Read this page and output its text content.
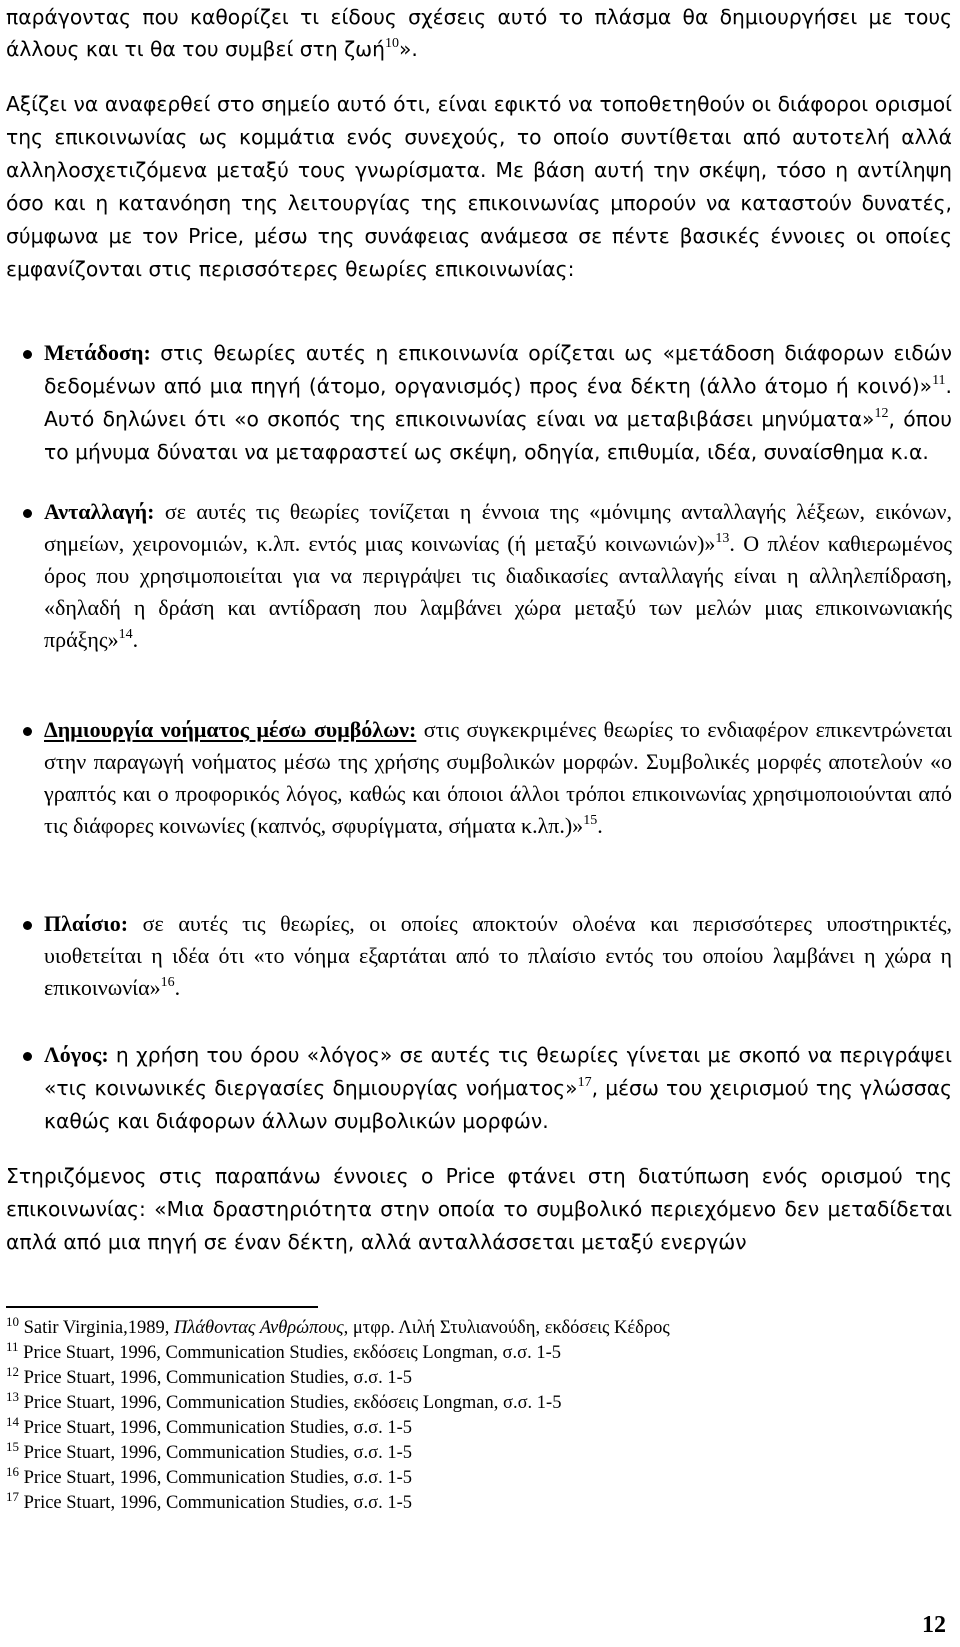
παράγοντας που καθορίζει τι είδους σχέσεις αυτό το πλάσμα θα δημιουργήσει με τους άλλους και τι θα του συμβεί στη ζωή$^{10}$».

Αξίζει να αναφερθεί στο σημείο αυτό ότι, είναι εφικτό να τοποθετηθούν οι διάφοροι ορισμοί της επικοινωνίας ως κομμάτια ενός συνεχούς, το οποίο συντίθεται από αυτοτελή αλλά αλληλοσχετιζόμενα μεταξύ τους γνωρίσματα. Με βάση αυτή την σκέψη, τόσο η αντίληψη όσο και η κατανόηση της λειτουργίας της επικοινωνίας μπορούν να καταστούν δυνατές, σύμφωνα με τον Price, μέσω της συνάφειας ανάμεσα σε πέντε βασικές έννοιες οι οποίες εμφανίζονται στις περισσότερες θεωρίες επικοινωνίας:

Μετάδοση: στις θεωρίες αυτές η επικοινωνία ορίζεται ως «μετάδοση διάφορων ειδών δεδομένων από μια πηγή (άτομο, οργανισμός) προς ένα δέκτη (άλλο άτομο ή κοινό)»$^{11}$. Αυτό δηλώνει ότι «ο σκοπός της επικοινωνίας είναι να μεταβιβάσει μηνύματα»$^{12}$, όπου το μήνυμα δύναται να μεταφραστεί ως σκέψη, οδηγία, επιθυμία, ιδέα, συναίσθημα κ.α.

Ανταλλαγή: σε αυτές τις θεωρίες τονίζεται η έννοια της «μόνιμης ανταλλαγής λέξεων, εικόνων, σημείων, χειρονομιών, κ.λπ. εντός μιας κοινωνίας (ή μεταξύ κοινωνιών)»$^{13}$. Ο πλέον καθιερωμένος όρος που χρησιμοποιείται για να περιγράψει τις διαδικασίες ανταλλαγής είναι η αλληλεπίδραση, «δηλαδή η δράση και αντίδραση που λαμβάνει χώρα μεταξύ των μελών μιας επικοινωνιακής πράξης»$^{14}$.

Δημιουργία νοήματος μέσω συμβόλων: στις συγκεκριμένες θεωρίες το ενδιαφέρον επικεντρώνεται στην παραγωγή νοήματος μέσω της χρήσης συμβολικών μορφών. Συμβολικές μορφές αποτελούν «ο γραπτός και ο προφορικός λόγος, καθώς και όποιοι άλλοι τρόποι επικοινωνίας χρησιμοποιούνται από τις διάφορες κοινωνίες (καπνός, σφυρίγματα, σήματα κ.λπ.)»$^{15}$.

Πλαίσιο: σε αυτές τις θεωρίες, οι οποίες αποκτούν ολοένα και περισσότερες υποστηρικτές, υιοθετείται η ιδέα ότι «το νόημα εξαρτάται από το πλαίσιο εντός του οποίου λαμβάνει η χώρα η επικοινωνία»$^{16}$.

Λόγος: η χρήση του όρου «λόγος» σε αυτές τις θεωρίες γίνεται με σκοπό να περιγράψει «τις κοινωνικές διεργασίες δημιουργίας νοήματος»$^{17}$, μέσω του χειρισμού της γλώσσας καθώς και διάφορων άλλων συμβολικών μορφών.

Στηριζόμενος στις παραπάνω έννοιες ο Price φτάνει στη διατύπωση ενός ορισμού της επικοινωνίας: «Μια δραστηριότητα στην οποία το συμβολικό περιεχόμενο δεν μεταδίδεται απλά από μια πηγή σε έναν δέκτη, αλλά ανταλλάσσεται μεταξύ ενεργών

$^{10}$ Satir Virginia,1989, Πλάθοντας Ανθρώπους, μτφρ. Λιλή Στυλιανούδη, εκδόσεις Κέδρος

$^{11}$ Price Stuart, 1996, Communication Studies, εκδόσεις Longman, σ.σ. 1-5

$^{12}$ Price Stuart, 1996, Communication Studies, σ.σ. 1-5

$^{13}$ Price Stuart, 1996, Communication Studies, εκδόσεις Longman, σ.σ. 1-5

$^{14}$ Price Stuart, 1996, Communication Studies, σ.σ. 1-5

$^{15}$ Price Stuart, 1996, Communication Studies, σ.σ. 1-5

$^{16}$ Price Stuart, 1996, Communication Studies, σ.σ. 1-5

$^{17}$ Price Stuart, 1996, Communication Studies, σ.σ. 1-5

12
